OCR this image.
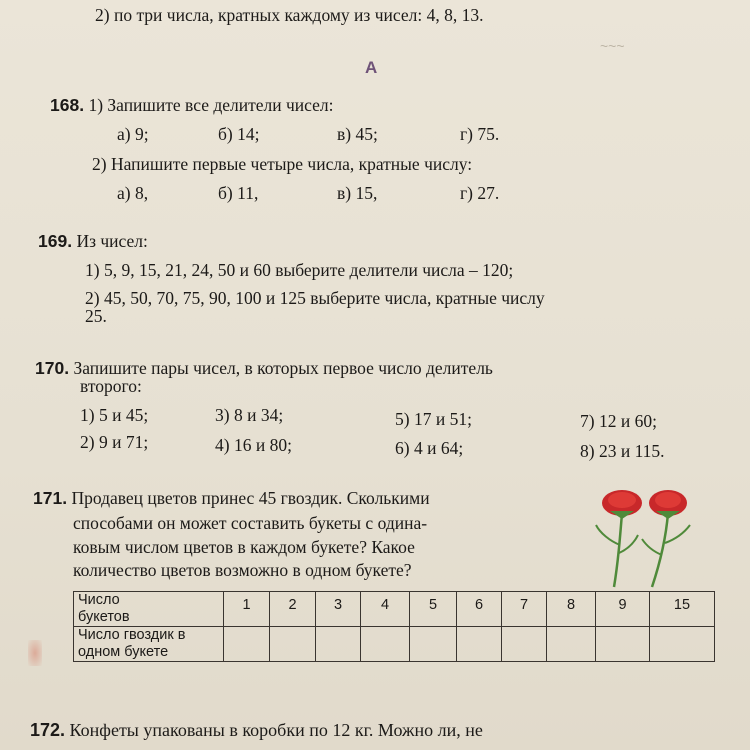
~~~
2) по три числа, кратных каждому из чисел: 4, 8, 13.
A
168. 1) Запишите все делители чисел:
а) 9;	б) 14;	в) 45;	г) 75.
2) Напишите первые четыре числа, кратные числу:
а) 8,	б) 11,	в) 15,	г) 27.
169. Из чисел:
1) 5, 9, 15, 21, 24, 50 и 60 выберите делители числа – 120;
2) 45, 50, 70, 75, 90, 100 и 125 выберите числа, кратные числу
25.
170. Запишите пары чисел, в которых первое число делитель
второго:
1) 5 и 45;	3) 8 и 34;	5) 17 и 51;	7) 12 и 60;
2) 9 и 71;	4) 16 и 80;	6) 4 и 64;	8) 23 и 115.
171. Продавец цветов принес 45 гвоздик. Сколькими
способами он может составить букеты с одина-
ковым числом цветов в каждом букете? Какое
количество цветов возможно в одном букете?
Число
букетов	1	2	3	4	5	6	7	8	9	15
Число гвоздик в
одном букете										
172. Конфеты упакованы в коробки по 12 кг. Можно ли, не
